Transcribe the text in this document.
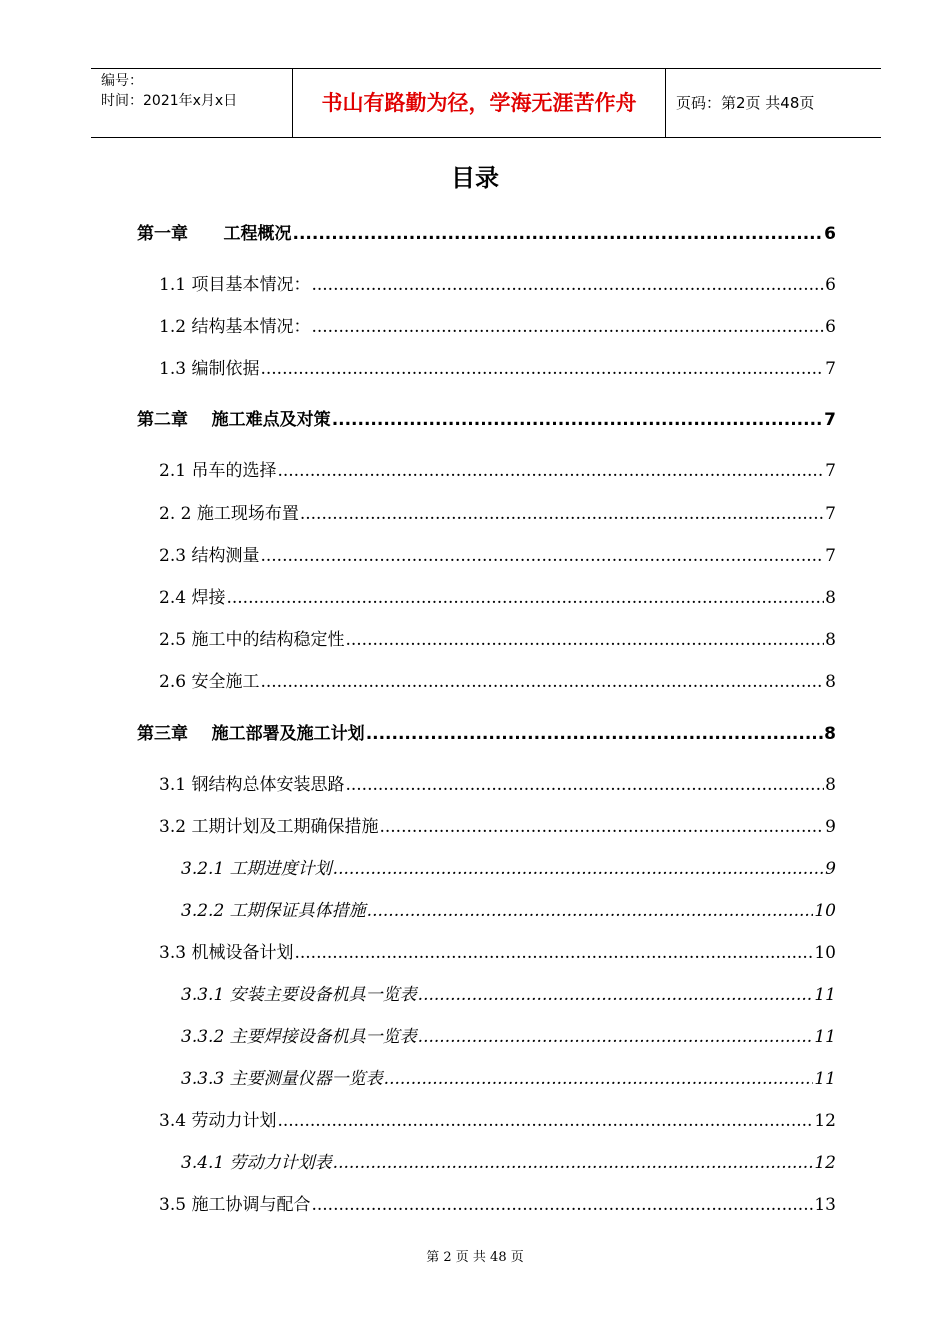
编号：
时间：2021年x月x日	书山有路勤为径，学海无涯苦作舟	页码：第2页 共48页
目录
第一章      工程概况 .....	6
1.1 项目基本情况： .....	6
1.2 结构基本情况： .....	6
1.3 编制依据 .....	7
第二章    施工难点及对策 .....	7
2.1 吊车的选择 .....	7
2. 2 施工现场布置 .....	7
2.3 结构测量 .....	7
2.4 焊接 .....	8
2.5 施工中的结构稳定性 .....	8
2.6 安全施工 .....	8
第三章    施工部署及施工计划 .....	8
3.1 钢结构总体安装思路 .....	8
3.2 工期计划及工期确保措施 .....	9
3.2.1 工期进度计划 .....	9
3.2.2 工期保证具体措施 .....	10
3.3 机械设备计划 .....	10
3.3.1 安装主要设备机具一览表 .....	11
3.3.2 主要焊接设备机具一览表 .....	11
3.3.3 主要测量仪器一览表 .....	11
3.4 劳动力计划 .....	12
3.4.1 劳动力计划表 .....	12
3.5 施工协调与配合 .....	13
第 2 页 共 48 页
